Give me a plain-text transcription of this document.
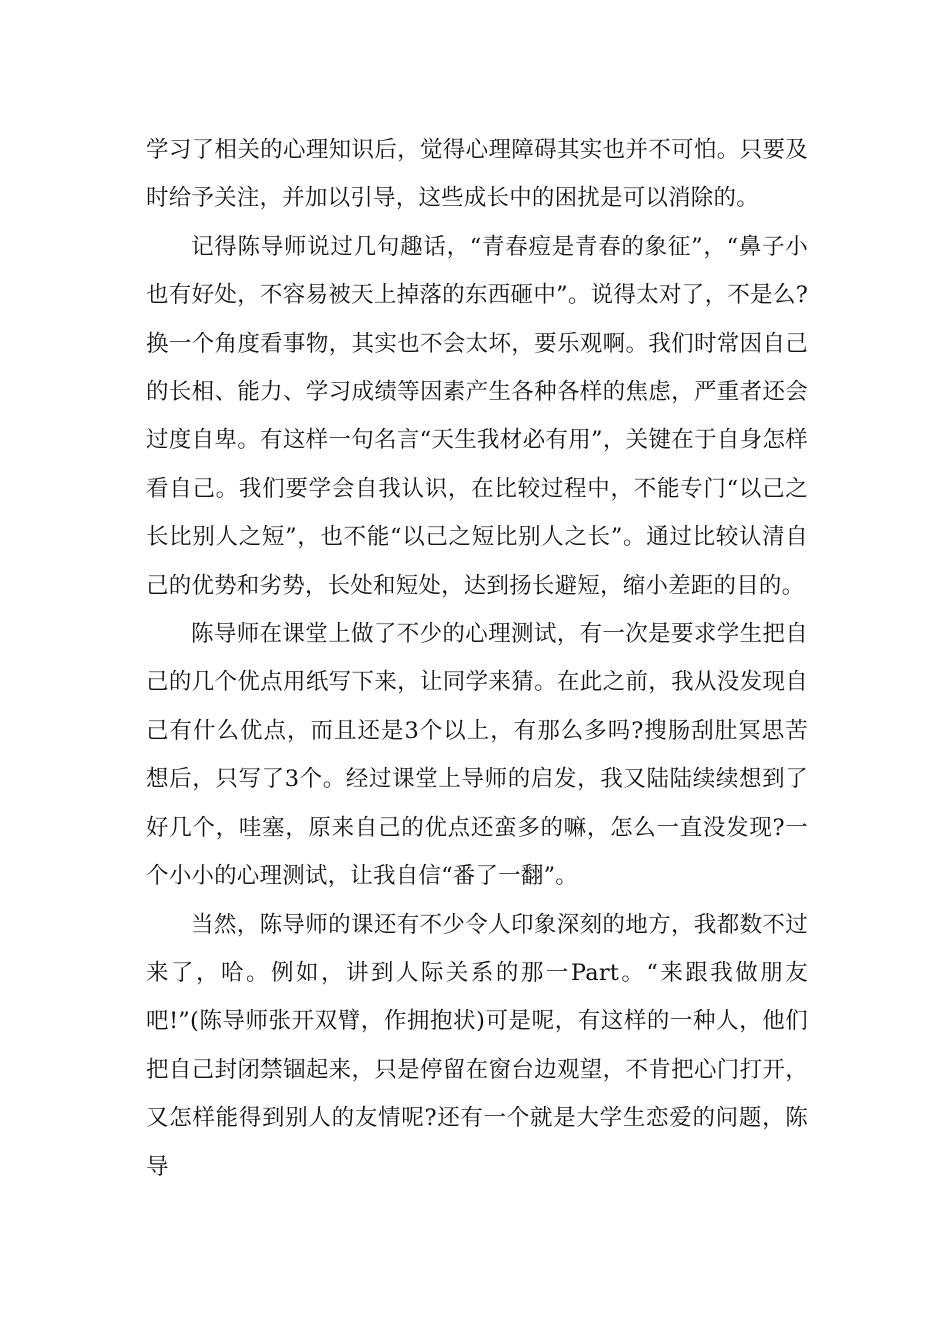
学习了相关的心理知识后，觉得心理障碍其实也并不可怕。只要及时给予关注，并加以引导，这些成长中的困扰是可以消除的。

记得陈导师说过几句趣话，“青春痘是青春的象征”，“鼻子小也有好处，不容易被天上掉落的东西砸中”。说得太对了，不是么?换一个角度看事物，其实也不会太坏，要乐观啊。我们时常因自己的长相、能力、学习成绩等因素产生各种各样的焦虑，严重者还会过度自卑。有这样一句名言“天生我材必有用”，关键在于自身怎样看自己。我们要学会自我认识，在比较过程中，不能专门“以己之长比别人之短”，也不能“以己之短比别人之长”。通过比较认清自己的优势和劣势，长处和短处，达到扬长避短，缩小差距的目的。

陈导师在课堂上做了不少的心理测试，有一次是要求学生把自己的几个优点用纸写下来，让同学来猜。在此之前，我从没发现自己有什么优点，而且还是3个以上，有那么多吗?搜肠刮肚冥思苦想后，只写了3个。经过课堂上导师的启发，我又陆陆续续想到了好几个，哇塞，原来自己的优点还蛮多的嘛，怎么一直没发现?一个小小的心理测试，让我自信“番了一翻”。

当然，陈导师的课还有不少令人印象深刻的地方，我都数不过来了，哈。例如，讲到人际关系的那一Part。“来跟我做朋友吧!”(陈导师张开双臂，作拥抱状)可是呢，有这样的一种人，他们把自己封闭禁锢起来，只是停留在窗台边观望，不肯把心门打开，又怎样能得到别人的友情呢?还有一个就是大学生恋爱的问题，陈导
